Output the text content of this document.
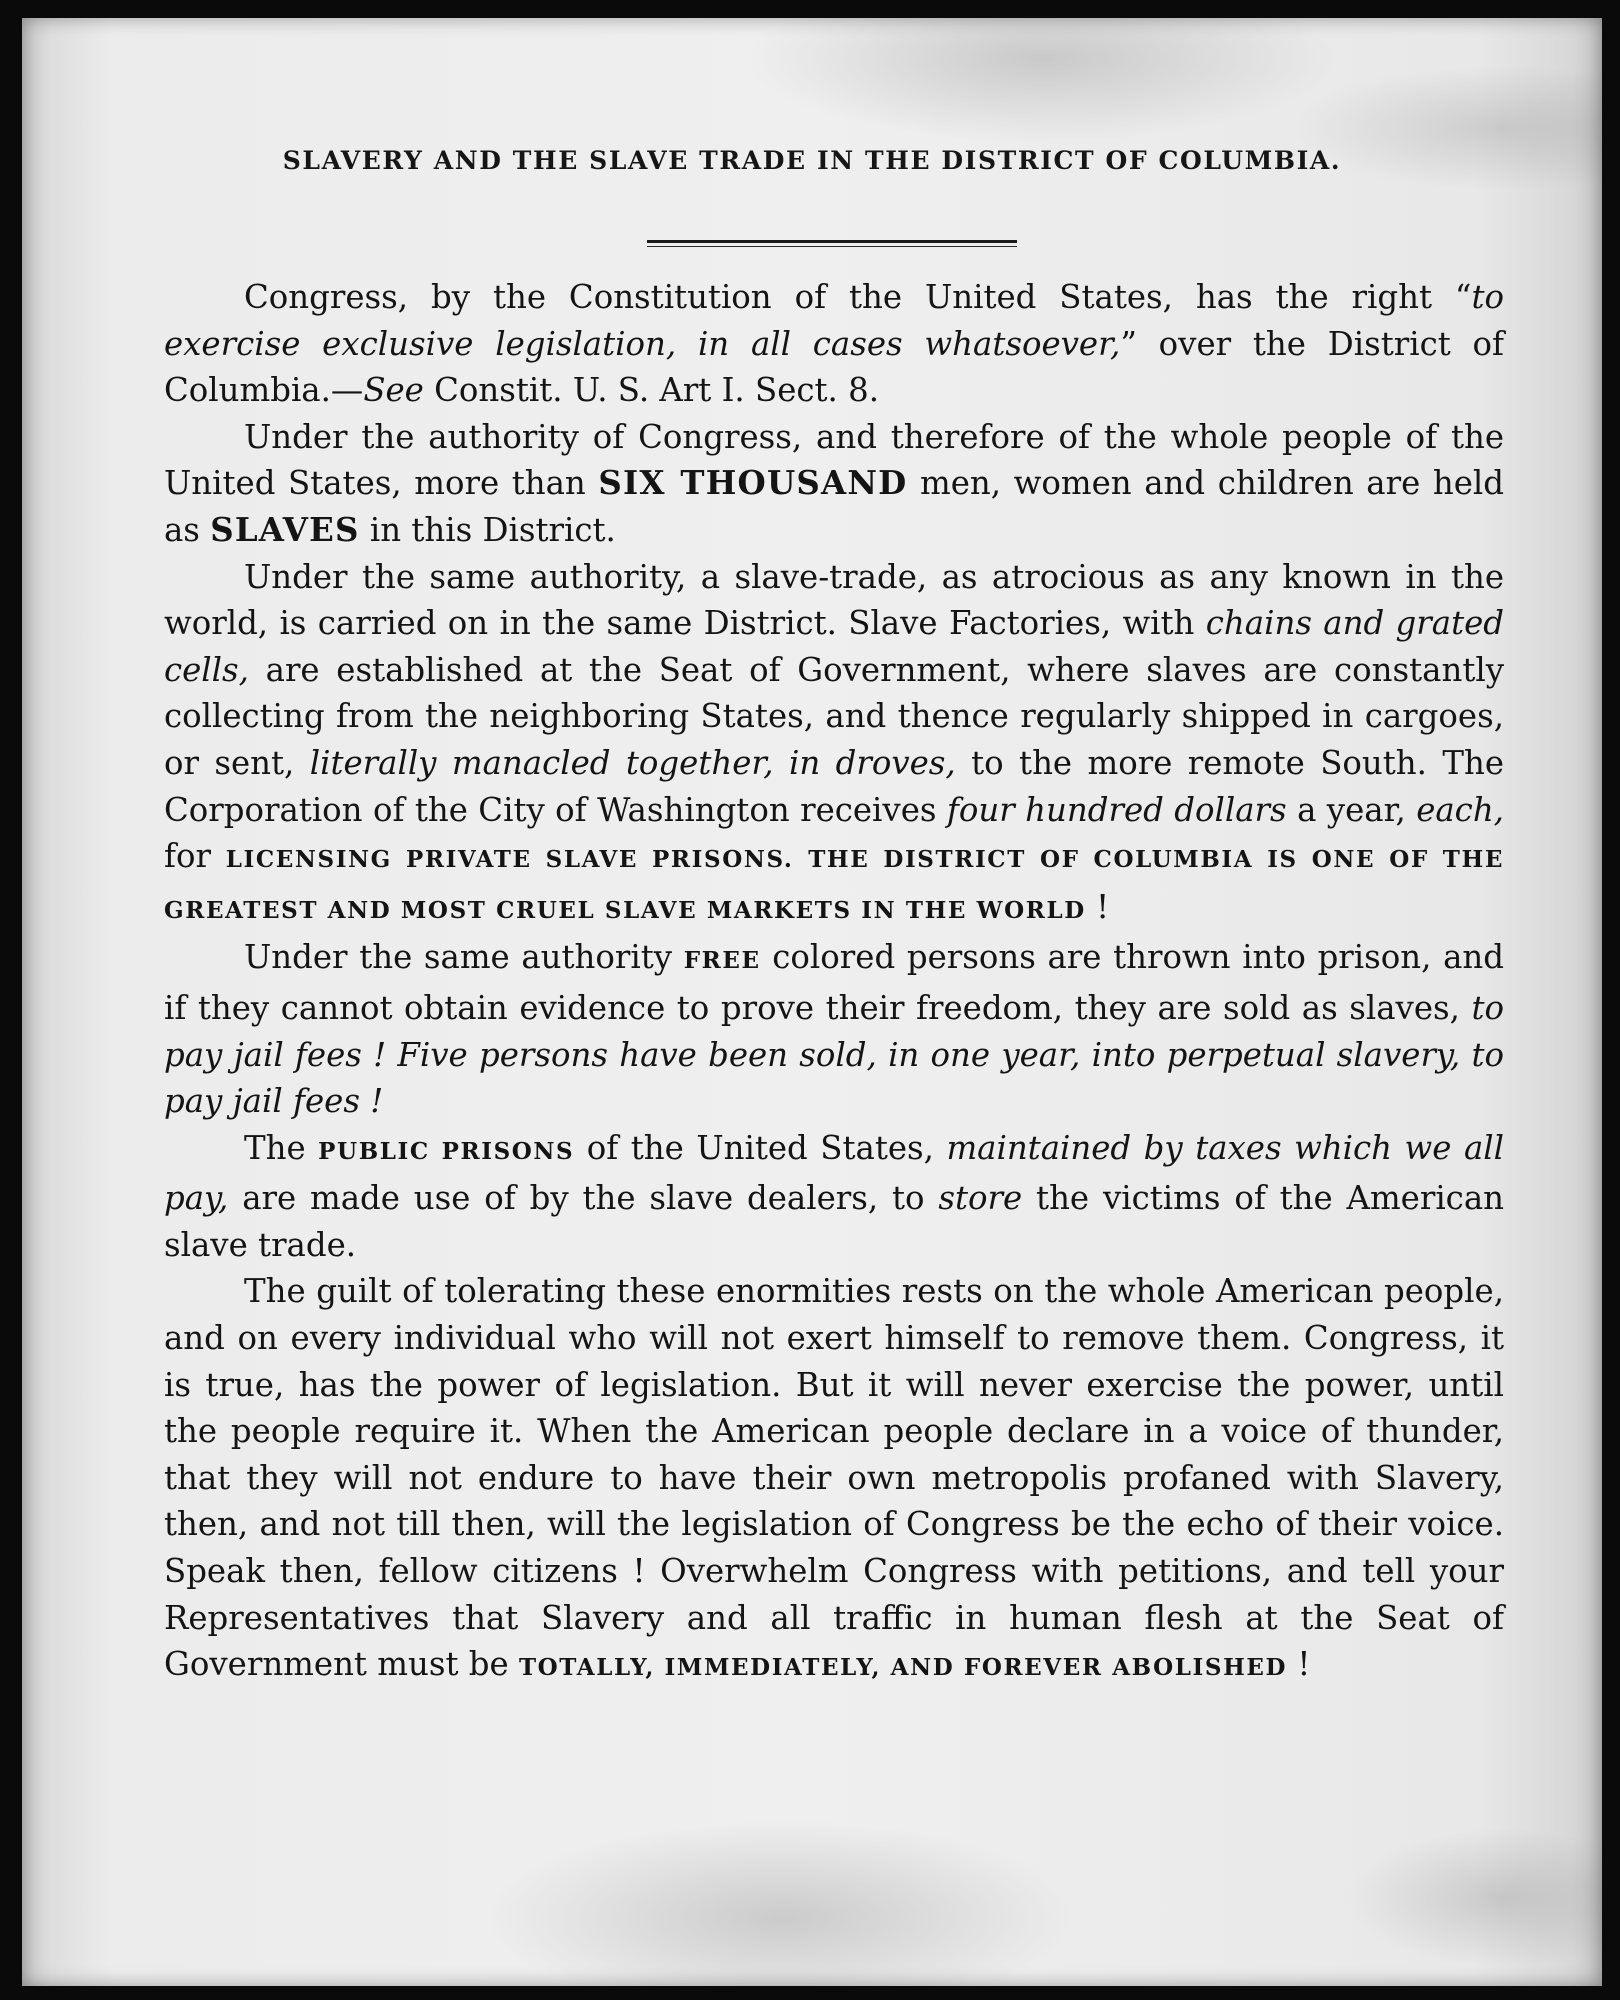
SLAVERY AND THE SLAVE TRADE IN THE DISTRICT OF COLUMBIA.

Congress, by the Constitution of the United States, has the right “to exercise exclusive legislation, in all cases whatsoever,” over the District of Columbia.—See Constit. U. S. Art I. Sect. 8.

Under the authority of Congress, and therefore of the whole people of the United States, more than SIX THOUSAND men, women and children are held as SLAVES in this District.

Under the same authority, a slave-trade, as atrocious as any known in the world, is carried on in the same District. Slave Factories, with chains and grated cells, are established at the Seat of Government, where slaves are constantly collecting from the neighboring States, and thence regularly shipped in cargoes, or sent, literally manacled together, in droves, to the more remote South. The Corporation of the City of Washington receives four hundred dollars a year, each, for LICENSING PRIVATE SLAVE PRISONS. THE DISTRICT OF COLUMBIA IS ONE OF THE GREATEST AND MOST CRUEL SLAVE MARKETS IN THE WORLD !

Under the same authority FREE colored persons are thrown into prison, and if they cannot obtain evidence to prove their freedom, they are sold as slaves, to pay jail fees ! Five persons have been sold, in one year, into perpetual slavery, to pay jail fees !

The PUBLIC PRISONS of the United States, maintained by taxes which we all pay, are made use of by the slave dealers, to store the victims of the American slave trade.

The guilt of tolerating these enormities rests on the whole American people, and on every individual who will not exert himself to remove them. Congress, it is true, has the power of legislation. But it will never exercise the power, until the people require it. When the American people declare in a voice of thunder, that they will not endure to have their own metropolis profaned with Slavery, then, and not till then, will the legislation of Congress be the echo of their voice. Speak then, fellow citizens ! Overwhelm Congress with petitions, and tell your Representatives that Slavery and all traffic in human flesh at the Seat of Government must be TOTALLY, IMMEDIATELY, AND FOREVER ABOLISHED !
